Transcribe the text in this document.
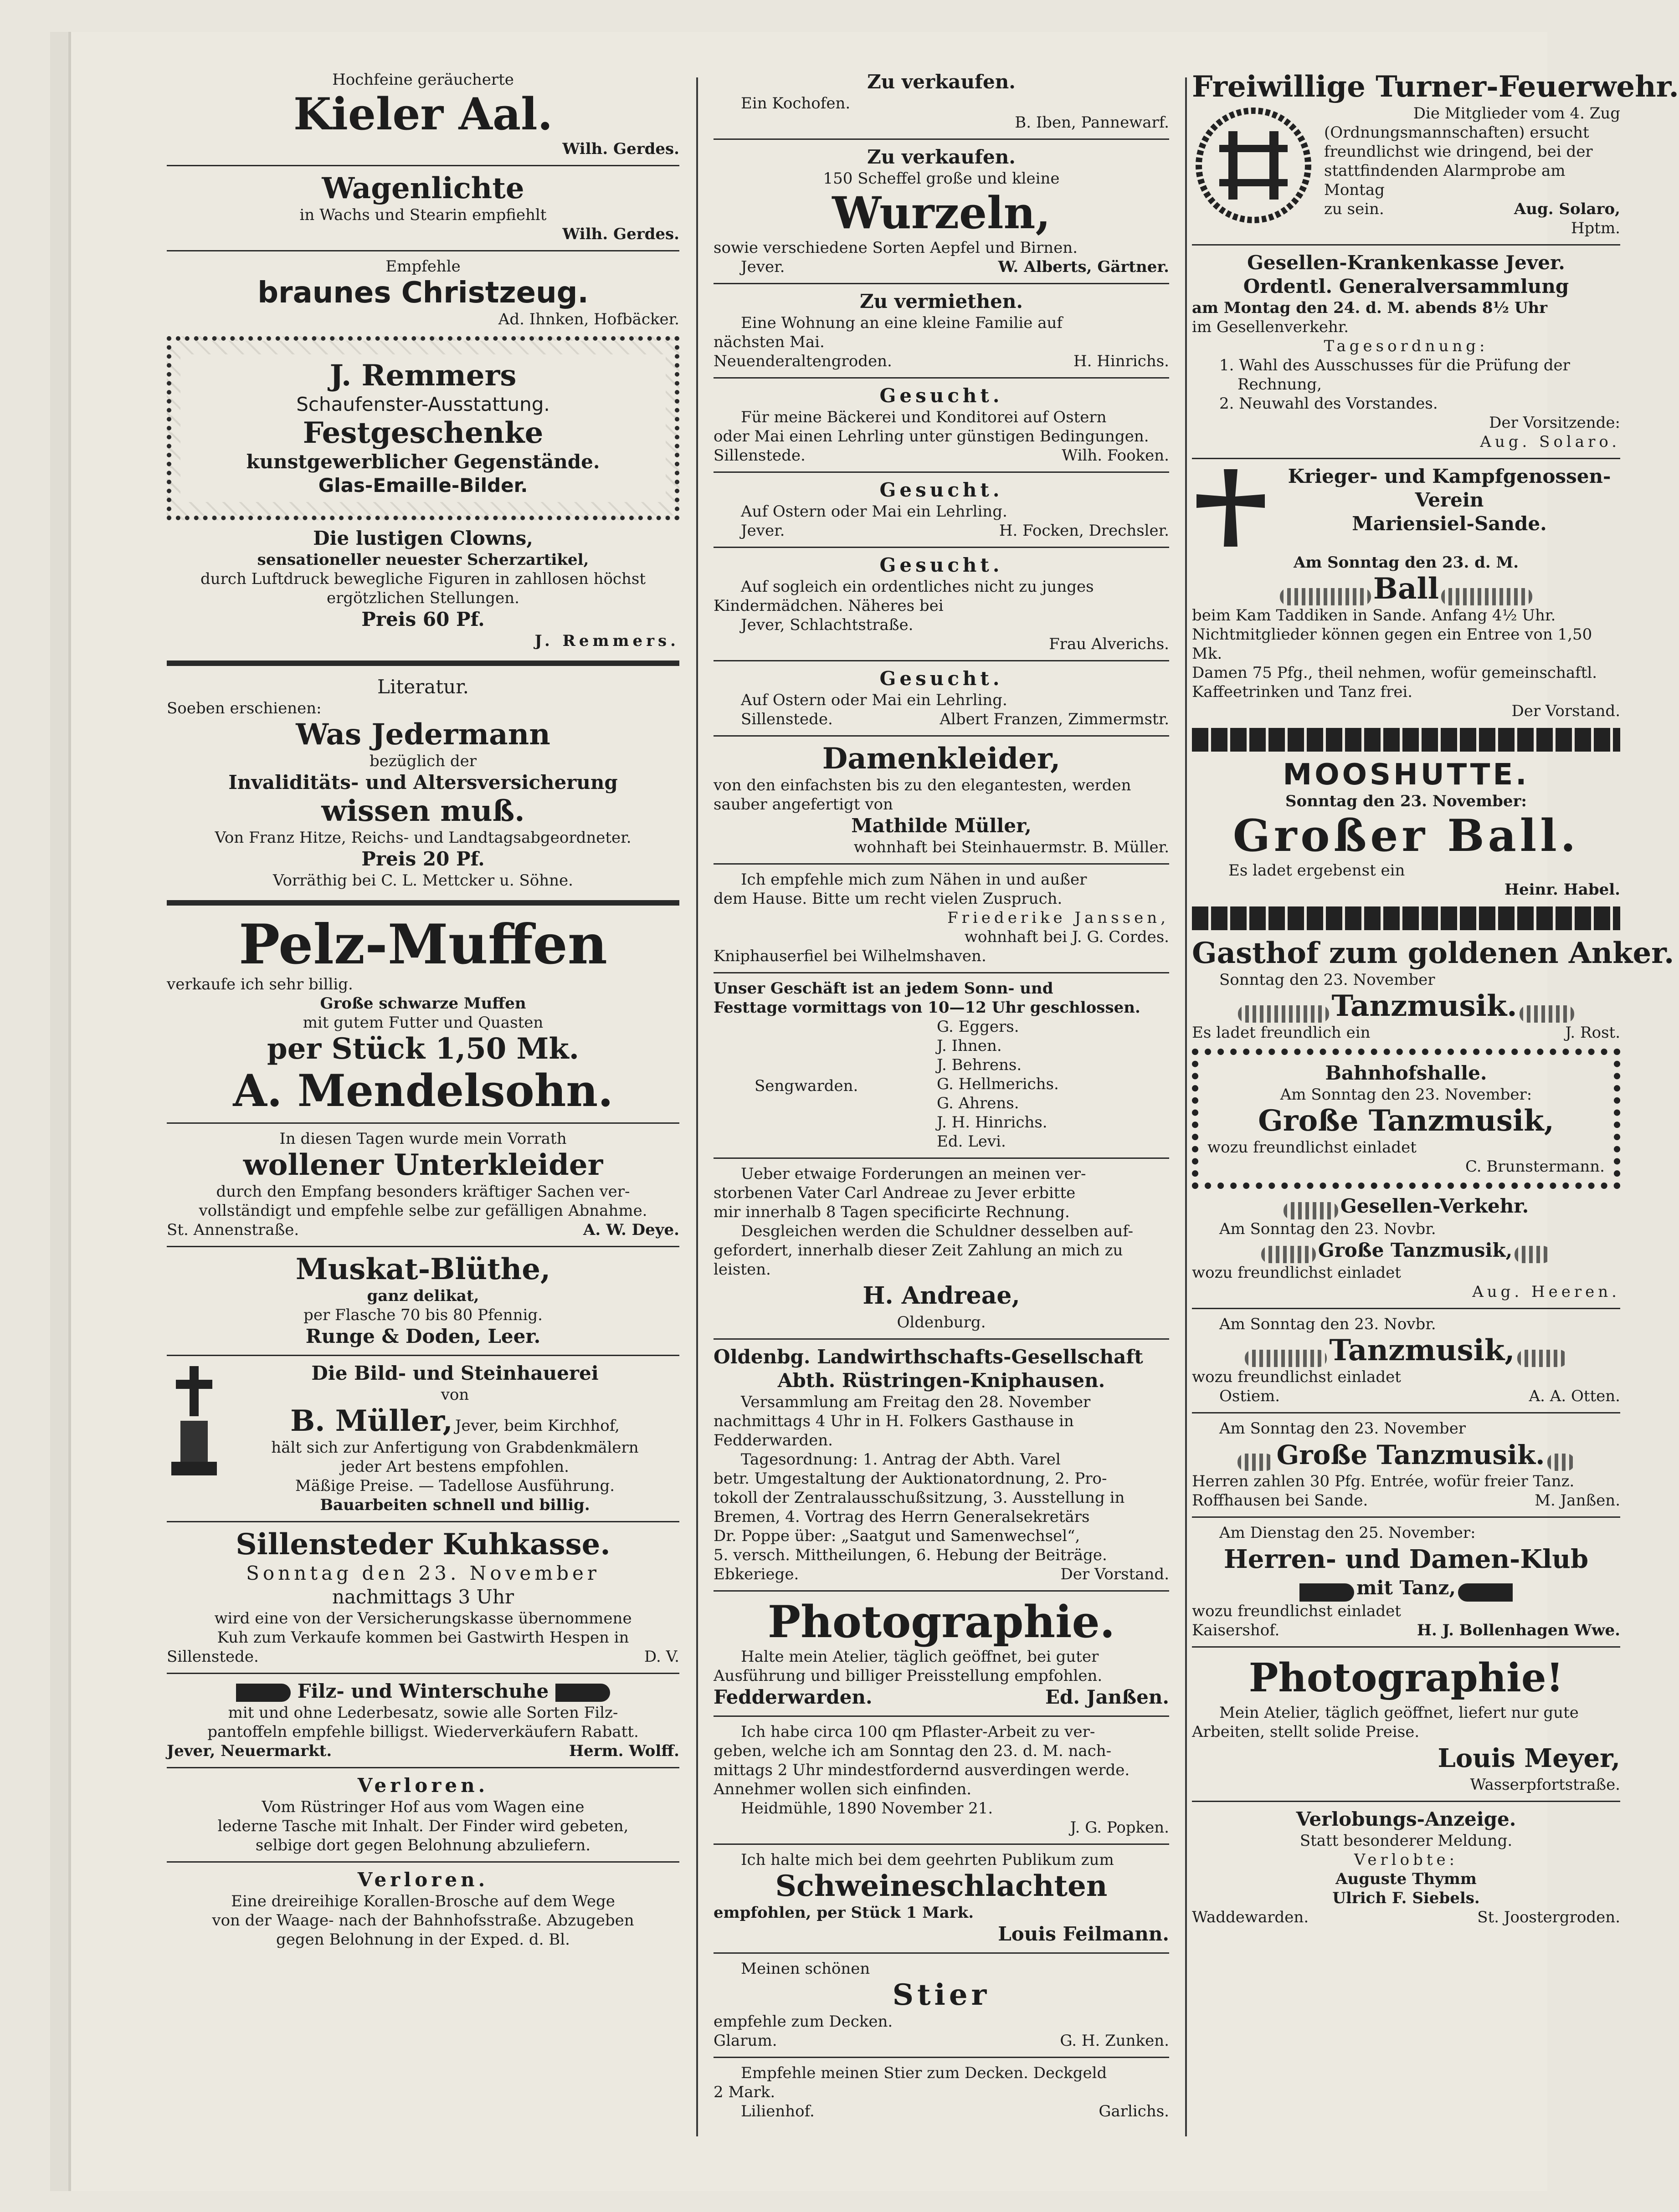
Hochfeine geräucherte
Kieler Aal.
Wilh. Gerdes.
Wagenlichte
in Wachs und Stearin empfiehlt
Wilh. Gerdes.
Empfehle
braunes Christzeug.
Ad. Ihnken, Hofbäcker.
J. Remmers
Schaufenster-Ausstattung.
Festgeschenke
kunstgewerblicher Gegenstände.
Glas-Emaille-Bilder.
Die lustigen Clowns,
sensationeller neuester Scherzartikel,
durch Luftdruck bewegliche Figuren in zahllosen höchst
ergötzlichen Stellungen.
Preis 60 Pf.
J. Remmers.
Literatur.
Soeben erschienen:
Was Jedermann
bezüglich der
Invaliditäts- und Altersversicherung
wissen muß.
Von Franz Hitze, Reichs- und Landtagsabgeordneter.
Preis 20 Pf.
Vorräthig bei C. L. Mettcker u. Söhne.
Pelz-Muffen
verkaufe ich sehr billig.
Große schwarze Muffen
mit gutem Futter und Quasten
per Stück 1,50 Mk.
A. Mendelsohn.
In diesen Tagen wurde mein Vorrath
wollener Unterkleider
durch den Empfang besonders kräftiger Sachen ver-
vollständigt und empfehle selbe zur gefälligen Abnahme.
St. Annenstraße.	A. W. Deye.
Muskat-Blüthe,
ganz delikat,
per Flasche 70 bis 80 Pfennig.
Runge & Doden, Leer.
Die Bild- und Steinhauerei
von
B. Müller, Jever, beim Kirchhof,
hält sich zur Anfertigung von Grabdenkmälern
jeder Art bestens empfohlen.
Mäßige Preise. — Tadellose Ausführung.
Bauarbeiten schnell und billig.
Sillensteder Kuhkasse.
Sonntag den 23. November
nachmittags 3 Uhr
wird eine von der Versicherungskasse übernommene
Kuh zum Verkaufe kommen bei Gastwirth Hespen in
Sillenstede.	D. V.
Filz- und Winterschuhe
mit und ohne Lederbesatz, sowie alle Sorten Filz-
pantoffeln empfehle billigst. Wiederverkäufern Rabatt.
Jever, Neuermarkt.	Herm. Wolff.
Verloren.
Vom Rüstringer Hof aus vom Wagen eine
lederne Tasche mit Inhalt. Der Finder wird gebeten,
selbige dort gegen Belohnung abzuliefern.
Verloren.
Eine dreireihige Korallen-Brosche auf dem Wege
von der Waage- nach der Bahnhofsstraße. Abzugeben
gegen Belohnung in der Exped. d. Bl.
Zu verkaufen.
Ein Kochofen.
B. Iben, Pannewarf.
Zu verkaufen.
150 Scheffel große und kleine
Wurzeln,
sowie verschiedene Sorten Aepfel und Birnen.
Jever.	W. Alberts, Gärtner.
Zu vermiethen.
Eine Wohnung an eine kleine Familie auf
nächsten Mai.
Neuenderaltengroden.	H. Hinrichs.
Gesucht.
Für meine Bäckerei und Konditorei auf Ostern
oder Mai einen Lehrling unter günstigen Bedingungen.
Sillenstede.	Wilh. Fooken.
Gesucht.
Auf Ostern oder Mai ein Lehrling.
Jever.	H. Focken, Drechsler.
Gesucht.
Auf sogleich ein ordentliches nicht zu junges
Kindermädchen. Näheres bei
Jever, Schlachtstraße.
Frau Alverichs.
Gesucht.
Auf Ostern oder Mai ein Lehrling.
Sillenstede.	Albert Franzen, Zimmermstr.
Damenkleider,
von den einfachsten bis zu den elegantesten, werden
sauber angefertigt von
Mathilde Müller,
wohnhaft bei Steinhauermstr. B. Müller.
Ich empfehle mich zum Nähen in und außer
dem Hause. Bitte um recht vielen Zuspruch.
Friederike Janssen,
wohnhaft bei J. G. Cordes.
Kniphauserfiel bei Wilhelmshaven.
Unser Geschäft ist an jedem Sonn- und
Festtage vormittags von 10—12 Uhr geschlossen.
Sengwarden.
G. Eggers.
J. Ihnen.
J. Behrens.
G. Hellmerichs.
G. Ahrens.
J. H. Hinrichs.
Ed. Levi.
Ueber etwaige Forderungen an meinen ver-
storbenen Vater Carl Andreae zu Jever erbitte
mir innerhalb 8 Tagen specificirte Rechnung.
Desgleichen werden die Schuldner desselben auf-
gefordert, innerhalb dieser Zeit Zahlung an mich zu
leisten.
H. Andreae,
Oldenburg.
Oldenbg. Landwirthschafts-Gesellschaft
Abth. Rüstringen-Kniphausen.
Versammlung am Freitag den 28. November
nachmittags 4 Uhr in H. Folkers Gasthause in
Fedderwarden.
Tagesordnung: 1. Antrag der Abth. Varel
betr. Umgestaltung der Auktionatordnung, 2. Pro-
tokoll der Zentralausschußsitzung, 3. Ausstellung in
Bremen, 4. Vortrag des Herrn Generalsekretärs
Dr. Poppe über: „Saatgut und Samenwechsel“,
5. versch. Mittheilungen, 6. Hebung der Beiträge.
Ebkeriege.	Der Vorstand.
Photographie.
Halte mein Atelier, täglich geöffnet, bei guter
Ausführung und billiger Preisstellung empfohlen.
Fedderwarden.	Ed. Janßen.
Ich habe circa 100 qm Pflaster-Arbeit zu ver-
geben, welche ich am Sonntag den 23. d. M. nach-
mittags 2 Uhr mindestfordernd ausverdingen werde.
Annehmer wollen sich einfinden.
Heidmühle, 1890 November 21.
J. G. Popken.
Ich halte mich bei dem geehrten Publikum zum
Schweineschlachten
empfohlen, per Stück 1 Mark.
Louis Feilmann.
Meinen schönen
Stier
empfehle zum Decken.
Glarum.	G. H. Zunken.
Empfehle meinen Stier zum Decken. Deckgeld
2 Mark.
Lilienhof.	Garlichs.
Freiwillige Turner-Feuerwehr.
Die Mitglieder vom 4. Zug
(Ordnungsmannschaften) ersucht
freundlichst wie dringend, bei der
stattfindenden Alarmprobe am Montag
zu sein.	Aug. Solaro,
Hptm.
Gesellen-Krankenkasse Jever.
Ordentl. Generalversammlung
am Montag den 24. d. M. abends 8½ Uhr
im Gesellenverkehr.
Tagesordnung:
1. Wahl des Ausschusses für die Prüfung der
Rechnung,
2. Neuwahl des Vorstandes.
Der Vorsitzende:
Aug. Solaro.
Krieger- und Kampfgenossen-
Verein
Mariensiel-Sande.
Am Sonntag den 23. d. M.
Ball
beim Kam Taddiken in Sande. Anfang 4½ Uhr.
Nichtmitglieder können gegen ein Entree von 1,50 Mk.
Damen 75 Pfg., theil nehmen, wofür gemeinschaftl.
Kaffeetrinken und Tanz frei.
Der Vorstand.
MOOSHUTTE.
Sonntag den 23. November:
Großer Ball.
Es ladet ergebenst ein
Heinr. Habel.
Gasthof zum goldenen Anker.
Sonntag den 23. November
Tanzmusik.
Es ladet freundlich ein	J. Rost.
Bahnhofshalle.
Am Sonntag den 23. November:
Große Tanzmusik,
wozu freundlichst einladet
C. Brunstermann.
Gesellen-Verkehr.
Am Sonntag den 23. Novbr.
Große Tanzmusik,
wozu freundlichst einladet
Aug. Heeren.
Am Sonntag den 23. Novbr.
Tanzmusik,
wozu freundlichst einladet
Ostiem.	A. A. Otten.
Am Sonntag den 23. November
Große Tanzmusik.
Herren zahlen 30 Pfg. Entrée, wofür freier Tanz.
Roffhausen bei Sande.	M. Janßen.
Am Dienstag den 25. November:
Herren- und Damen-Klub
mit Tanz,
wozu freundlichst einladet
Kaisershof.	H. J. Bollenhagen Wwe.
Photographie!
Mein Atelier, täglich geöffnet, liefert nur gute
Arbeiten, stellt solide Preise.
Louis Meyer,
Wasserpfortstraße.
Verlobungs-Anzeige.
Statt besonderer Meldung.
Verlobte:
Auguste Thymm
Ulrich F. Siebels.
Waddewarden.	St. Joostergroden.
